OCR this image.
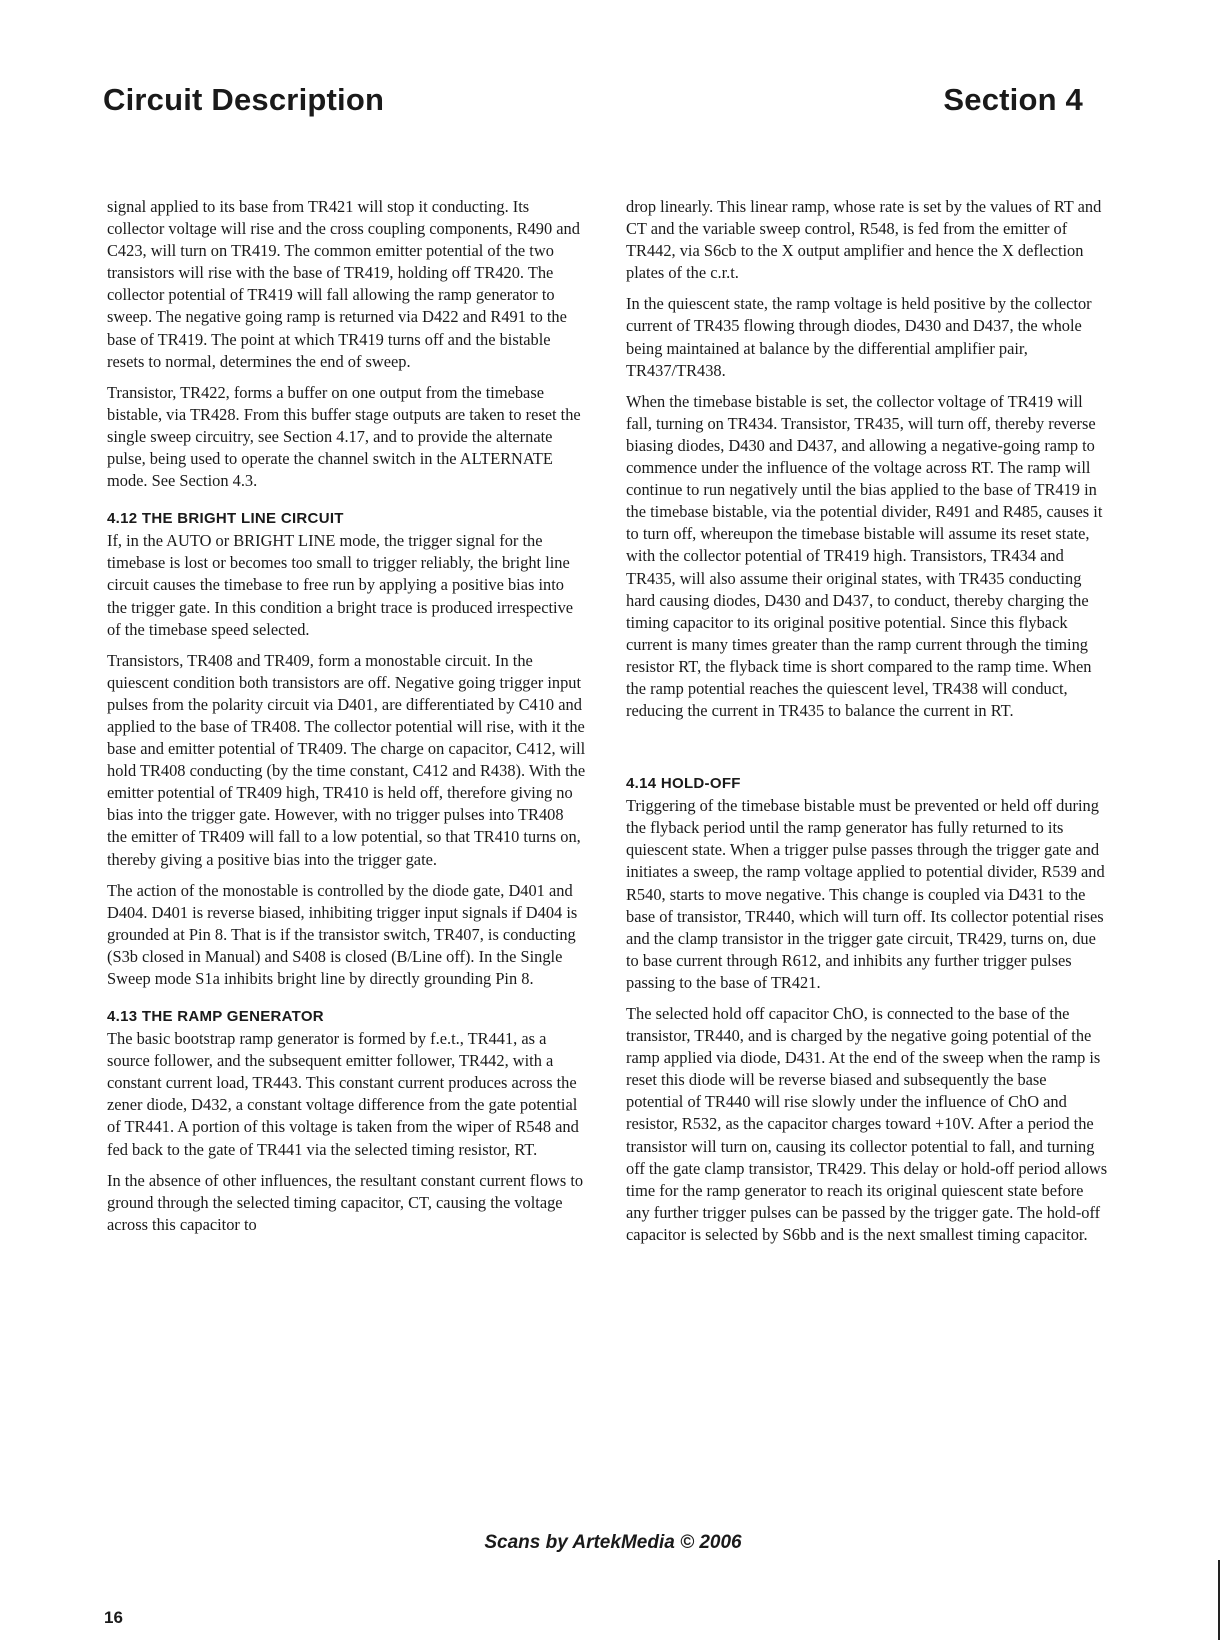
Circuit Description	Section 4

signal applied to its base from TR421 will stop it conducting. Its collector voltage will rise and the cross coupling components, R490 and C423, will turn on TR419. The common emitter potential of the two transistors will rise with the base of TR419, holding off TR420. The collector potential of TR419 will fall allowing the ramp generator to sweep. The negative going ramp is returned via D422 and R491 to the base of TR419. The point at which TR419 turns off and the bistable resets to normal, determines the end of sweep.

Transistor, TR422, forms a buffer on one output from the timebase bistable, via TR428. From this buffer stage outputs are taken to reset the single sweep circuitry, see Section 4.17, and to provide the alternate pulse, being used to operate the channel switch in the ALTERNATE mode. See Section 4.3.

4.12 THE BRIGHT LINE CIRCUIT

If, in the AUTO or BRIGHT LINE mode, the trigger signal for the timebase is lost or becomes too small to trigger reliably, the bright line circuit causes the timebase to free run by applying a positive bias into the trigger gate. In this condition a bright trace is produced irrespective of the timebase speed selected.

Transistors, TR408 and TR409, form a monostable circuit. In the quiescent condition both transistors are off. Negative going trigger input pulses from the polarity circuit via D401, are differentiated by C410 and applied to the base of TR408. The collector potential will rise, with it the base and emitter potential of TR409. The charge on capacitor, C412, will hold TR408 conducting (by the time constant, C412 and R438). With the emitter potential of TR409 high, TR410 is held off, therefore giving no bias into the trigger gate. However, with no trigger pulses into TR408 the emitter of TR409 will fall to a low potential, so that TR410 turns on, thereby giving a positive bias into the trigger gate.

The action of the monostable is controlled by the diode gate, D401 and D404. D401 is reverse biased, inhibiting trigger input signals if D404 is grounded at Pin 8. That is if the transistor switch, TR407, is conducting (S3b closed in Manual) and S408 is closed (B/Line off). In the Single Sweep mode S1a inhibits bright line by directly grounding Pin 8.

4.13 THE RAMP GENERATOR

The basic bootstrap ramp generator is formed by f.e.t., TR441, as a source follower, and the subsequent emitter follower, TR442, with a constant current load, TR443. This constant current produces across the zener diode, D432, a constant voltage difference from the gate potential of TR441. A portion of this voltage is taken from the wiper of R548 and fed back to the gate of TR441 via the selected timing resistor, RT.

In the absence of other influences, the resultant constant current flows to ground through the selected timing capacitor, CT, causing the voltage across this capacitor to

drop linearly. This linear ramp, whose rate is set by the values of RT and CT and the variable sweep control, R548, is fed from the emitter of TR442, via S6cb to the X output amplifier and hence the X deflection plates of the c.r.t.

In the quiescent state, the ramp voltage is held positive by the collector current of TR435 flowing through diodes, D430 and D437, the whole being maintained at balance by the differential amplifier pair, TR437/TR438.

When the timebase bistable is set, the collector voltage of TR419 will fall, turning on TR434. Transistor, TR435, will turn off, thereby reverse biasing diodes, D430 and D437, and allowing a negative-going ramp to commence under the influence of the voltage across RT. The ramp will continue to run negatively until the bias applied to the base of TR419 in the timebase bistable, via the potential divider, R491 and R485, causes it to turn off, whereupon the timebase bistable will assume its reset state, with the collector potential of TR419 high. Transistors, TR434 and TR435, will also assume their original states, with TR435 conducting hard causing diodes, D430 and D437, to conduct, thereby charging the timing capacitor to its original positive potential. Since this flyback current is many times greater than the ramp current through the timing resistor RT, the flyback time is short compared to the ramp time. When the ramp potential reaches the quiescent level, TR438 will conduct, reducing the current in TR435 to balance the current in RT.

4.14 HOLD-OFF

Triggering of the timebase bistable must be prevented or held off during the flyback period until the ramp generator has fully returned to its quiescent state. When a trigger pulse passes through the trigger gate and initiates a sweep, the ramp voltage applied to potential divider, R539 and R540, starts to move negative. This change is coupled via D431 to the base of transistor, TR440, which will turn off. Its collector potential rises and the clamp transistor in the trigger gate circuit, TR429, turns on, due to base current through R612, and inhibits any further trigger pulses passing to the base of TR421.

The selected hold off capacitor ChO, is connected to the base of the transistor, TR440, and is charged by the negative going potential of the ramp applied via diode, D431. At the end of the sweep when the ramp is reset this diode will be reverse biased and subsequently the base potential of TR440 will rise slowly under the influence of ChO and resistor, R532, as the capacitor charges toward +10V. After a period the transistor will turn on, causing its collector potential to fall, and turning off the gate clamp transistor, TR429. This delay or hold-off period allows time for the ramp generator to reach its original quiescent state before any further trigger pulses can be passed by the trigger gate. The hold-off capacitor is selected by S6bb and is the next smallest timing capacitor.

Scans by ArtekMedia © 2006
16
